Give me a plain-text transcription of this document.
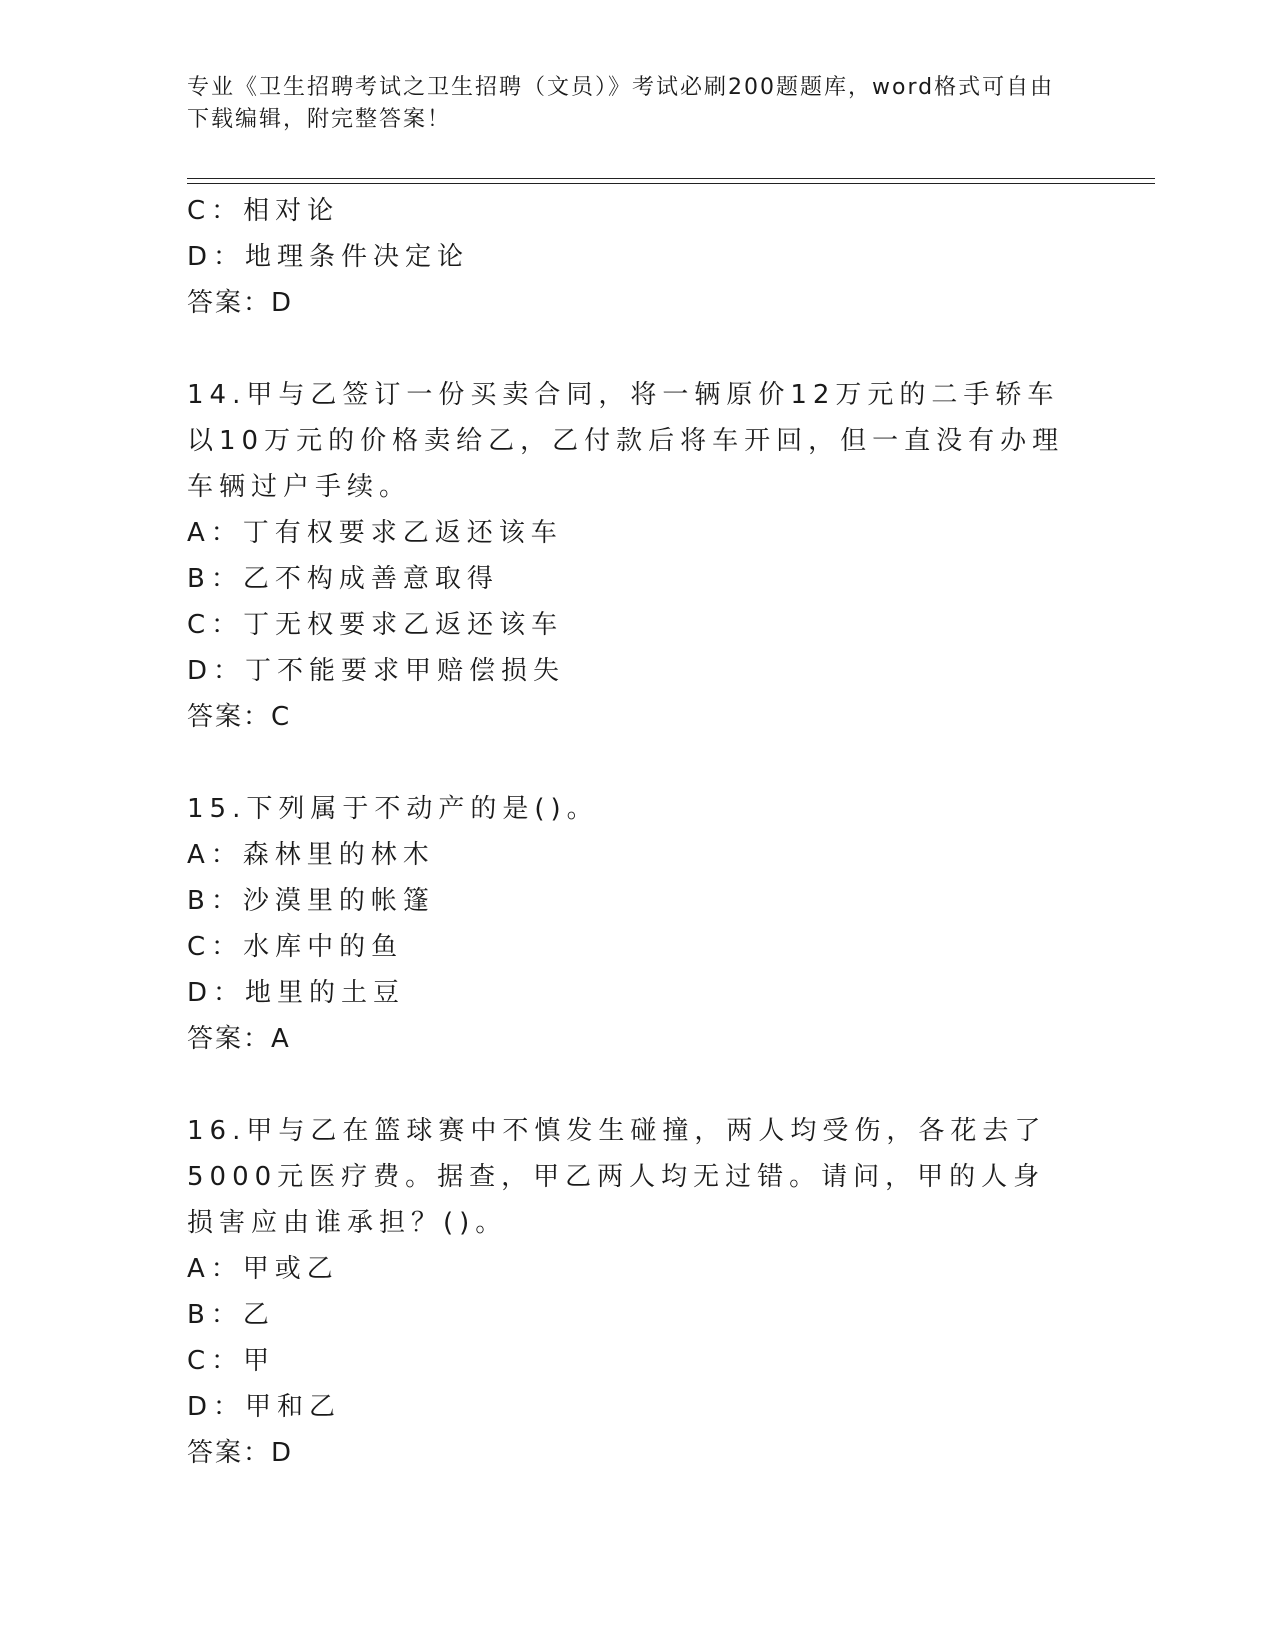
专业《卫生招聘考试之卫生招聘（文员）》考试必刷200题题库，word格式可自由下载编辑，附完整答案！
C：相对论
D：地理条件决定论
答案：D
14.甲与乙签订一份买卖合同，将一辆原价12万元的二手轿车以10万元的价格卖给乙，乙付款后将车开回，但一直没有办理车辆过户手续。
A：丁有权要求乙返还该车
B：乙不构成善意取得
C：丁无权要求乙返还该车
D：丁不能要求甲赔偿损失
答案：C
15.下列属于不动产的是()。
A：森林里的林木
B：沙漠里的帐篷
C：水库中的鱼
D：地里的土豆
答案：A
16.甲与乙在篮球赛中不慎发生碰撞，两人均受伤，各花去了5000元医疗费。据查，甲乙两人均无过错。请问，甲的人身损害应由谁承担？()。
A：甲或乙
B：乙
C：甲
D：甲和乙
答案：D
